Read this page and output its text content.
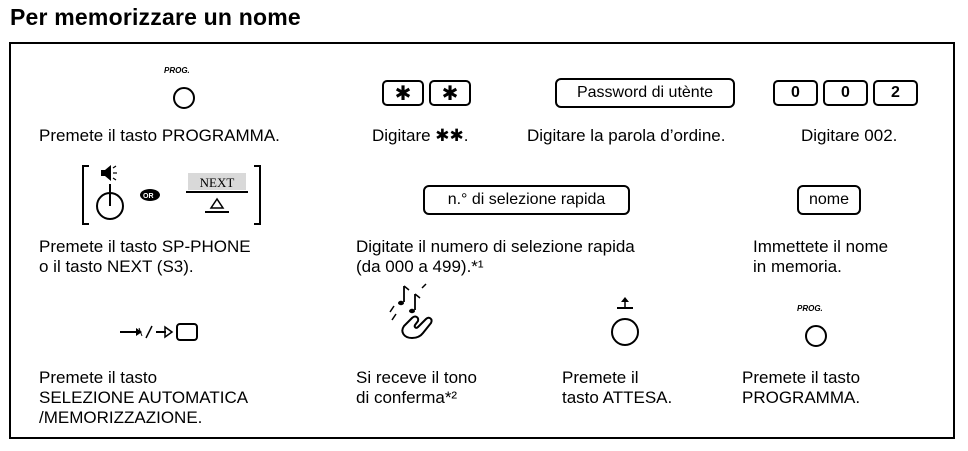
Per memorizzare un nome
PROG.
Premete il tasto PROGRAMMA.
✱	✱
Digitare ✱✱.
Password di utènte
Digitare la parola d’ordine.
0	0	2
Digitare 002.
OR
NEXT
Premete il tasto SP-PHONE
o il tasto NEXT (S3).
n.° di selezione rapida
Digitate il numero di selezione rapida
(da 000 a 499).*¹
nome
Immettete il nome
in memoria.
Premete il tasto
SELEZIONE AUTOMATICA
/MEMORIZZAZIONE.
Si receve il tono
di conferma*²
Premete il
tasto ATTESA.
PROG.
Premete il tasto
PROGRAMMA.
